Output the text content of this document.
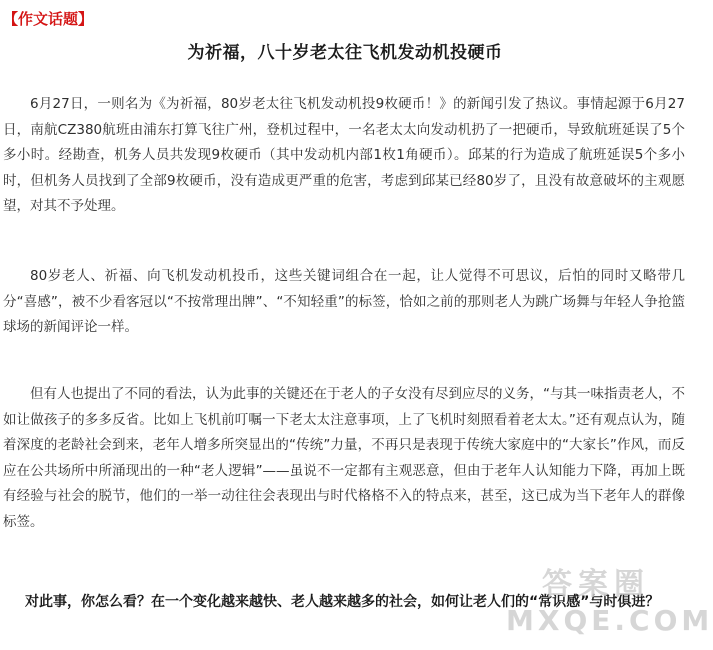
【作文话题】
为祈福，八十岁老太往飞机发动机投硬币
6月27日，一则名为《为祈福，80岁老太往飞机发动机投9枚硬币！》的新闻引发了热议。事情起源于6月27日，南航CZ380航班由浦东打算飞往广州，登机过程中，一名老太太向发动机扔了一把硬币，导致航班延误了5个多小时。经勘查，机务人员共发现9枚硬币（其中发动机内部1枚1角硬币）。邱某的行为造成了航班延误5个多小时，但机务人员找到了全部9枚硬币，没有造成更严重的危害，考虑到邱某已经80岁了，且没有故意破坏的主观愿望，对其不予处理。
80岁老人、祈福、向飞机发动机投币，这些关键词组合在一起，让人觉得不可思议，后怕的同时又略带几分“喜感”，被不少看客冠以“不按常理出牌”、“不知轻重”的标签，恰如之前的那则老人为跳广场舞与年轻人争抢篮球场的新闻评论一样。
但有人也提出了不同的看法，认为此事的关键还在于老人的子女没有尽到应尽的义务，“与其一味指责老人，不如让做孩子的多多反省。比如上飞机前叮嘱一下老太太注意事项，上了飞机时刻照看着老太太。”还有观点认为，随着深度的老龄社会到来，老年人增多所突显出的“传统”力量，不再只是表现于传统大家庭中的“大家长”作风，而反应在公共场所中所涌现出的一种“老人逻辑”——虽说不一定都有主观恶意，但由于老年人认知能力下降，再加上既有经验与社会的脱节，他们的一举一动往往会表现出与时代格格不入的特点来，甚至，这已成为当下老年人的群像标签。
对此事，你怎么看？在一个变化越来越快、老人越来越多的社会，如何让老人们的“常识感”与时俱进？
答案圈
MXQE.COM
